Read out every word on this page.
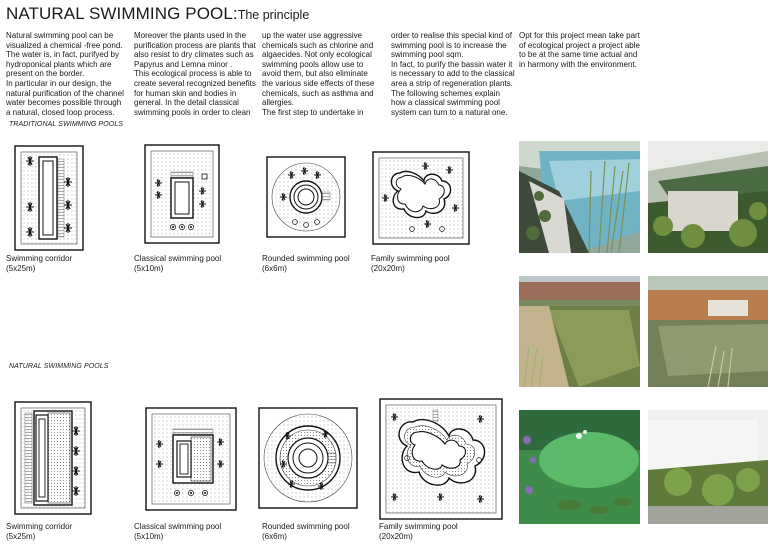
NATURAL SWIMMING POOL:The principle
Natural swimming pool can be
visualized a chemical -free pond.
The water is, in fact, purifyed by
hydroponical plants which are
present on the border.
In particular in our design, the
natural purification of the channel
water becomes possible through
a natural, closed loop process.
Moreover the plants used in the
purification process are plants that
also resist to dry climates such as
Papyrus and Lemna minor .
This ecological process is able to
create several recognized benefits
for human skin and bodies in
general. In the detail classical
swimming pools in order to clean
up the water use aggressive
chemicals such as chlorine and
algaecides. Not only ecological
swimming pools allow use to
avoid them, but also eliminate
the various side effects of these
chemicals, such as asthma and
allergies.
The first step to undertake in
order to realise this special kind of
swimming pool is to increase the
swimming pool sqm.
In fact, to purify the bassin water it
is necessary to add to the classical
area a strip of regeneration plants.
The following schemes explain
how a classical swimming pool
system can turn to a natural one.
Opt for this project mean take part
of ecological project a project able
to be at the same time actual and
in harmony with the environment.
TRADITIONAL SWIMMING POOLS
NATURAL SWIMMING POOLS
Swimming corridor
(5x25m)
Classical swimming pool
(5x10m)
Rounded swimming pool
(6x6m)
Family swimming pool
(20x20m)
Swimming corridor
(5x25m)
Classical swimming pool
(5x10m)
Rounded swimming pool
(6x6m)
Family swimming pool
(20x20m)
